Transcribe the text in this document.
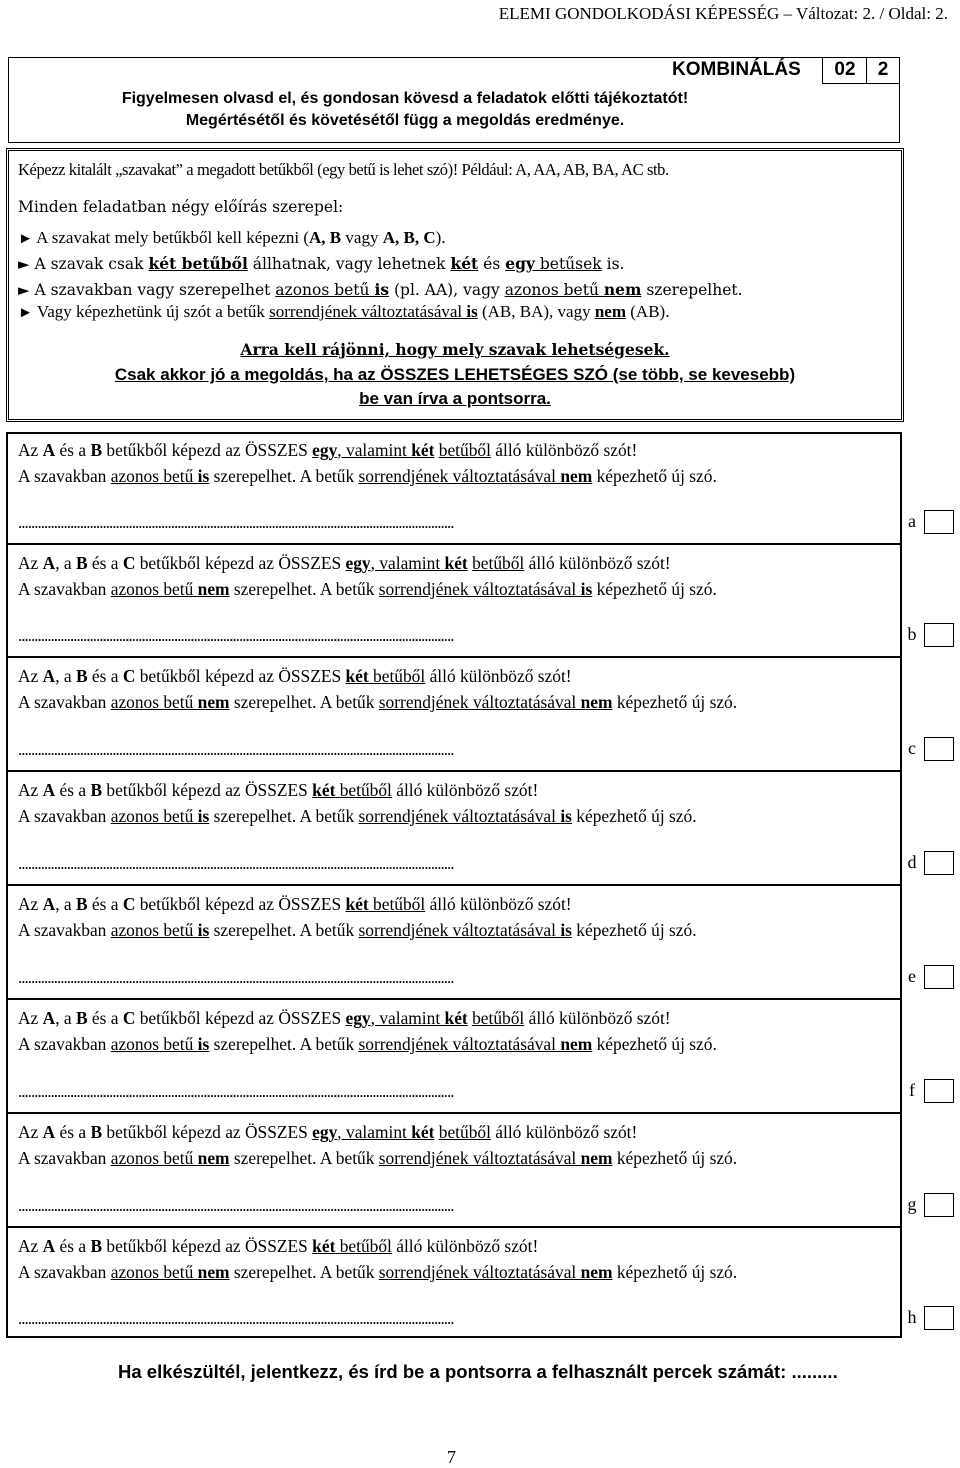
ELEMI GONDOLKODÁSI KÉPESSÉG – Változat: 2. / Oldal: 2.
KOMBINÁLÁS	02	2
Figyelmesen olvasd el, és gondosan kövesd a feladatok előtti tájékoztatót!
Megértésétől és követésétől függ a megoldás eredménye.
Képezz kitalált „szavakat” a megadott betűkből (egy betű is lehet szó)! Például: A, AA, AB, BA, AC stb.
Minden feladatban négy előírás szerepel:
► A szavakat mely betűkből kell képezni (A, B vagy A, B, C).
► A szavak csak két betűből állhatnak, vagy lehetnek két és egy betűsek is.
► A szavakban vagy szerepelhet azonos betű is (pl. AA), vagy azonos betű nem szerepelhet.
► Vagy képezhetünk új szót a betűk sorrendjének változtatásával is (AB, BA), vagy nem (AB).
Arra kell rájönni, hogy mely szavak lehetségesek.
Csak akkor jó a megoldás, ha az ÖSSZES LEHETSÉGES SZÓ (se több, se kevesebb)
be van írva a pontsorra.
Az A és a B betűkből képezd az ÖSSZES egy, valamint két betűből álló különböző szót!
A szavakban azonos betű is szerepelhet. A betűk sorrendjének változtatásával nem képezhető új szó.
......................................................................................................................................	a
Az A, a B és a C betűkből képezd az ÖSSZES egy, valamint két betűből álló különböző szót!
A szavakban azonos betű nem szerepelhet. A betűk sorrendjének változtatásával is képezhető új szó.
......................................................................................................................................	b
Az A, a B és a C betűkből képezd az ÖSSZES két betűből álló különböző szót!
A szavakban azonos betű nem szerepelhet. A betűk sorrendjének változtatásával nem képezhető új szó.
......................................................................................................................................	c
Az A és a B betűkből képezd az ÖSSZES két betűből álló különböző szót!
A szavakban azonos betű is szerepelhet. A betűk sorrendjének változtatásával is képezhető új szó.
......................................................................................................................................	d
Az A, a B és a C betűkből képezd az ÖSSZES két betűből álló különböző szót!
A szavakban azonos betű is szerepelhet. A betűk sorrendjének változtatásával is képezhető új szó.
......................................................................................................................................	e
Az A, a B és a C betűkből képezd az ÖSSZES egy, valamint két betűből álló különböző szót!
A szavakban azonos betű is szerepelhet. A betűk sorrendjének változtatásával nem képezhető új szó.
......................................................................................................................................	f
Az A és a B betűkből képezd az ÖSSZES egy, valamint két betűből álló különböző szót!
A szavakban azonos betű nem szerepelhet. A betűk sorrendjének változtatásával nem képezhető új szó.
......................................................................................................................................	g
Az A és a B betűkből képezd az ÖSSZES két betűből álló különböző szót!
A szavakban azonos betű nem szerepelhet. A betűk sorrendjének változtatásával nem képezhető új szó.
......................................................................................................................................	h
Ha elkészültél, jelentkezz, és írd be a pontsorra a felhasznált percek számát: .........
7
